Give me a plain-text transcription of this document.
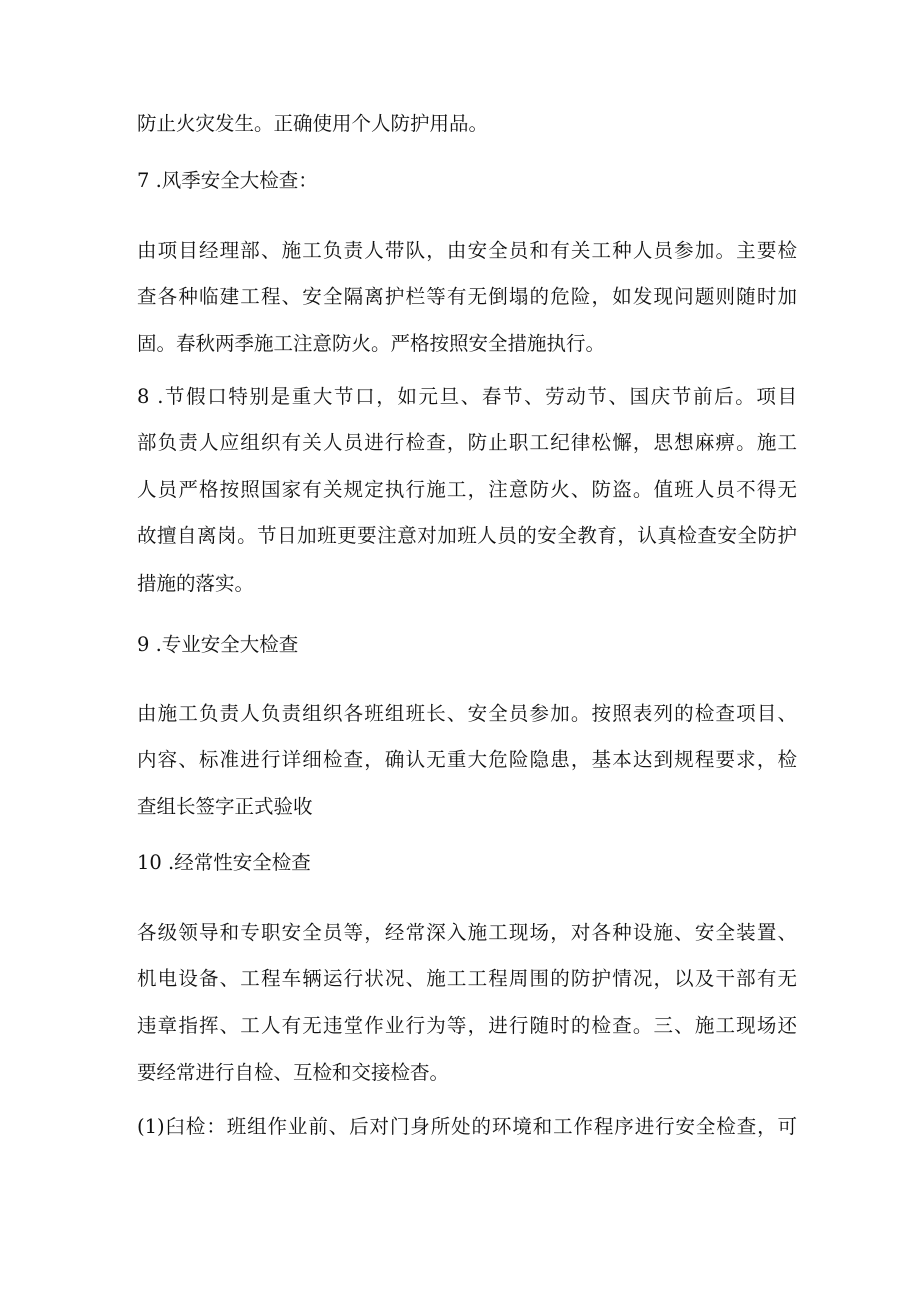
防止火灾发生。正确使用个人防护用品。
7 .风季安全大检查：
由项目经理部、施工负责人带队，由安全员和有关工种人员参加。主要检
查各种临建工程、安全隔离护栏等有无倒塌的危险，如发现问题则随时加
固。春秋两季施工注意防火。严格按照安全措施执行。
8 .节假口特别是重大节口，如元旦、春节、劳动节、国庆节前后。项目
部负责人应组织有关人员进行检查，防止职工纪律松懈，思想麻痹。施工
人员严格按照国家有关规定执行施工，注意防火、防盗。值班人员不得无
故擅自离岗。节日加班更要注意对加班人员的安全教育，认真检查安全防护
措施的落实。
9 .专业安全大检查
由施工负责人负责组织各班组班长、安全员参加。按照表列的检查项目、
内容、标准进行详细检查，确认无重大危险隐患，基本达到规程要求，检
查组长签字正式验收
10 .经常性安全检查
各级领导和专职安全员等，经常深入施工现场，对各种设施、安全装置、
机电设备、工程车辆运行状况、施工工程周围的防护情况，以及干部有无
违章指挥、工人有无违堂作业行为等，进行随时的检查。三、施工现场还
要经常进行自检、互检和交接检杳。
(1)臼检：班组作业前、后对门身所处的环境和工作程序进行安全检查，可
